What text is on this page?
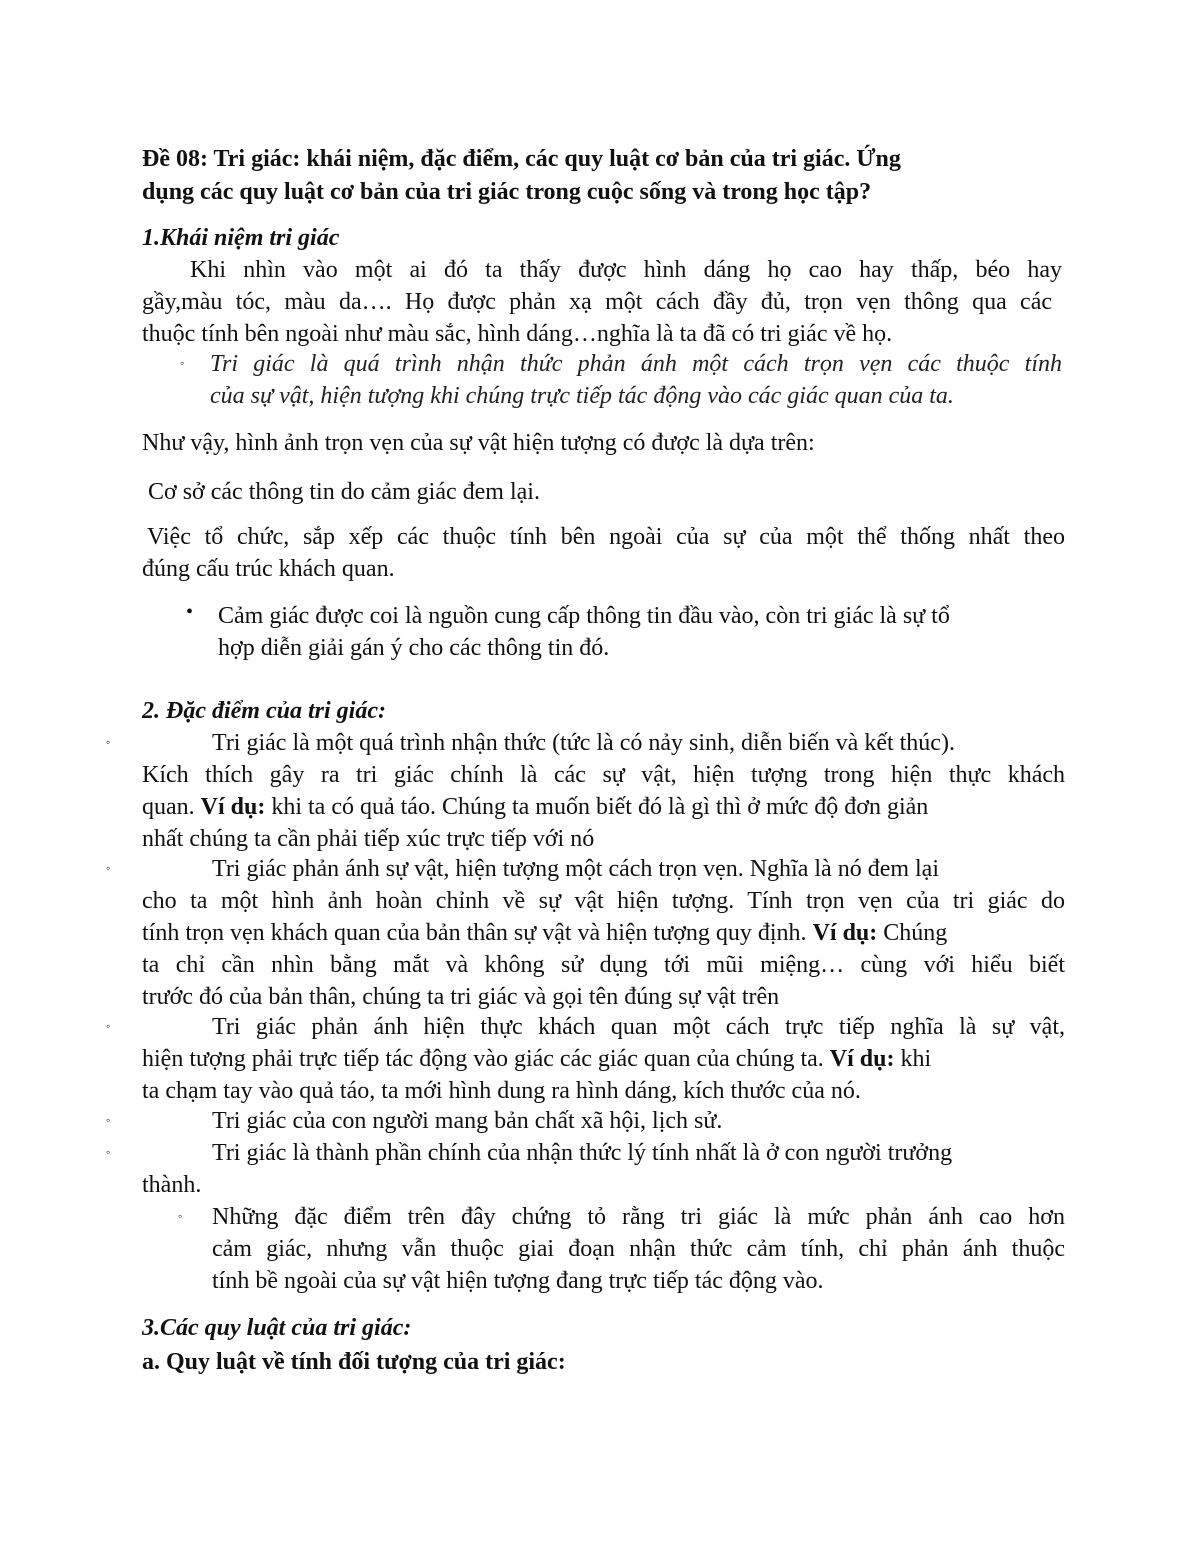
Đề 08: Tri giác: khái niệm, đặc điểm, các quy luật cơ bản của tri giác. Ứng
dụng các quy luật cơ bản của tri giác trong cuộc sống và trong học tập?
1.Khái niệm tri giác
Khi nhìn vào một ai đó ta thấy được hình dáng họ cao hay thấp, béo hay
gầy,màu tóc, màu da…. Họ được phản xạ một cách đầy đủ, trọn vẹn thông qua các
thuộc tính bên ngoài như màu sắc, hình dáng…nghĩa là ta đã có tri giác về họ.
◦ Tri giác là quá trình nhận thức phản ánh một cách trọn vẹn các thuộc tính
của sự vật, hiện tượng khi chúng trực tiếp tác động vào các giác quan của ta.
Như vậy, hình ảnh trọn vẹn của sự vật hiện tượng có được là dựa trên:
Cơ sở các thông tin do cảm giác đem lại.
Việc tổ chức, sắp xếp các thuộc tính bên ngoài của sự của một thể thống nhất theo
đúng cấu trúc khách quan.
• Cảm giác được coi là nguồn cung cấp thông tin đầu vào, còn tri giác là sự tổ
hợp diễn giải gán ý cho các thông tin đó.
2. Đặc điểm của tri giác:
◦	Tri giác là một quá trình nhận thức (tức là có nảy sinh, diễn biến và kết thúc).
Kích thích gây ra tri giác chính là các sự vật, hiện tượng trong hiện thực khách
quan. Ví dụ: khi ta có quả táo. Chúng ta muốn biết đó là gì thì ở mức độ đơn giản
nhất chúng ta cần phải tiếp xúc trực tiếp với nó
◦	Tri giác phản ánh sự vật, hiện tượng một cách trọn vẹn. Nghĩa là nó đem lại
cho ta một hình ảnh hoàn chỉnh về sự vật hiện tượng. Tính trọn vẹn của tri giác do
tính trọn vẹn khách quan của bản thân sự vật và hiện tượng quy định. Ví dụ: Chúng
ta chỉ cần nhìn bằng mắt và không sử dụng tới mũi miệng… cùng với hiểu biết
trước đó của bản thân, chúng ta tri giác và gọi tên đúng sự vật trên
◦	Tri giác phản ánh hiện thực khách quan một cách trực tiếp nghĩa là sự vật,
hiện tượng phải trực tiếp tác động vào giác các giác quan của chúng ta. Ví dụ: khi
ta chạm tay vào quả táo, ta mới hình dung ra hình dáng, kích thước của nó.
◦	Tri giác của con người mang bản chất xã hội, lịch sử.
◦	Tri giác là thành phần chính của nhận thức lý tính nhất là ở con người trưởng
thành.
◦ Những đặc điểm trên đây chứng tỏ rằng tri giác là mức phản ánh cao hơn
cảm giác, nhưng vẫn thuộc giai đoạn nhận thức cảm tính, chỉ phản ánh thuộc
tính bề ngoài của sự vật hiện tượng đang trực tiếp tác động vào.
3.Các quy luật của tri giác:
a. Quy luật về tính đối tượng của tri giác:
